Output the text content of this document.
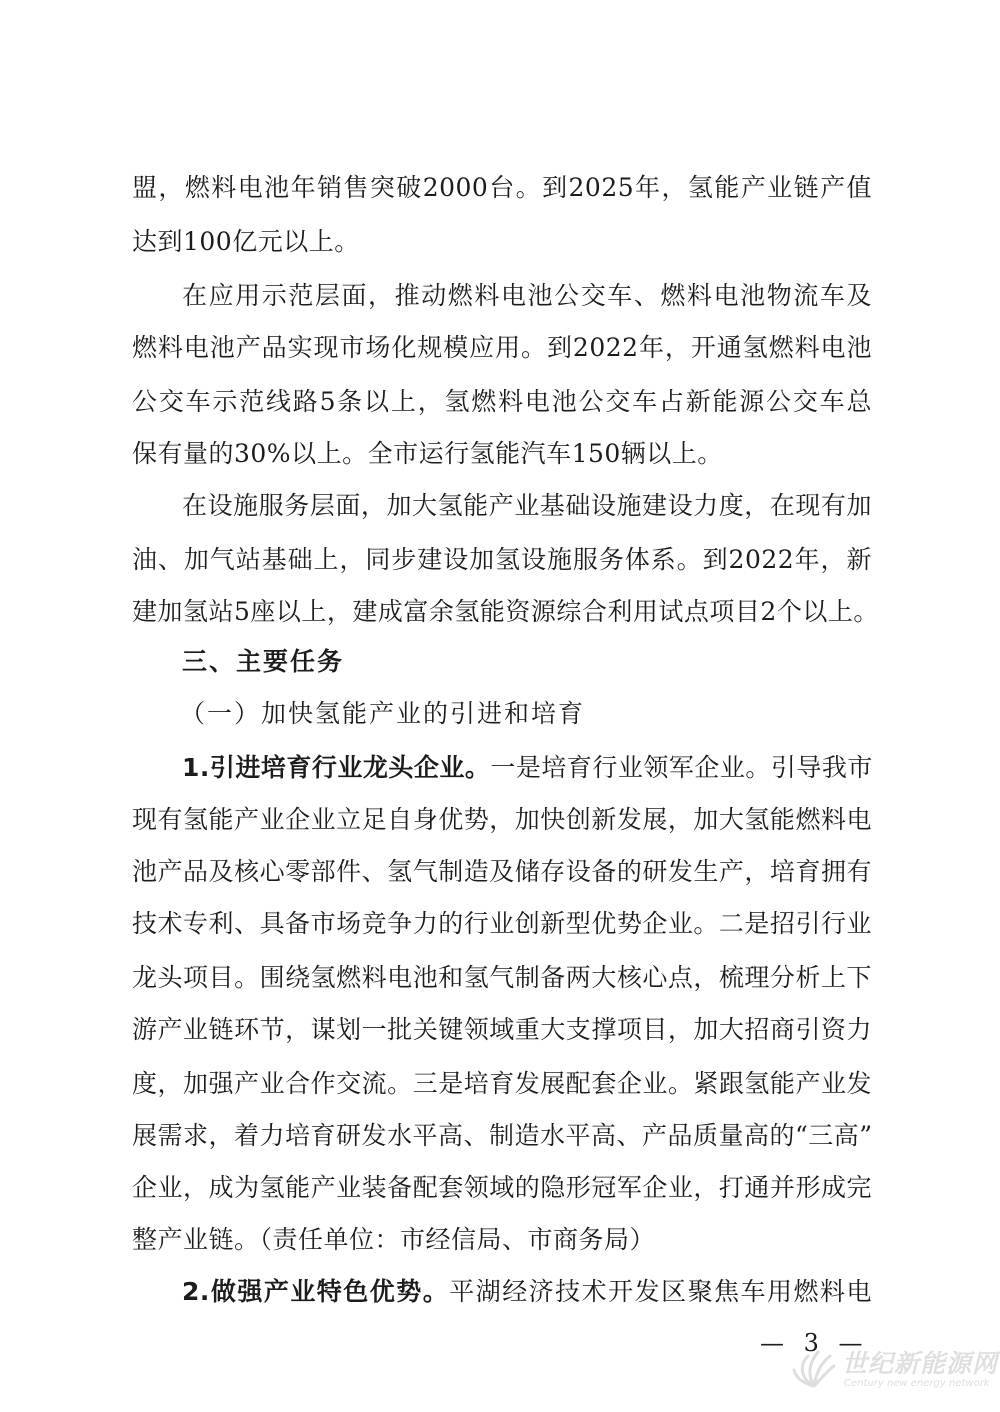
盟，燃料电池年销售突破2000台。到2025年，氢能产业链产值
达到100亿元以上。
在应用示范层面，推动燃料电池公交车、燃料电池物流车及
燃料电池产品实现市场化规模应用。到2022年，开通氢燃料电池
公交车示范线路5条以上，氢燃料电池公交车占新能源公交车总
保有量的30%以上。全市运行氢能汽车150辆以上。
在设施服务层面，加大氢能产业基础设施建设力度，在现有加
油、加气站基础上，同步建设加氢设施服务体系。到2022年，新
建加氢站5座以上，建成富余氢能资源综合利用试点项目2个以上。
三、主要任务
（一）加快氢能产业的引进和培育
1.引进培育行业龙头企业。一是培育行业领军企业。引导我市
现有氢能产业企业立足自身优势，加快创新发展，加大氢能燃料电
池产品及核心零部件、氢气制造及储存设备的研发生产，培育拥有
技术专利、具备市场竞争力的行业创新型优势企业。二是招引行业
龙头项目。围绕氢燃料电池和氢气制备两大核心点，梳理分析上下
游产业链环节，谋划一批关键领域重大支撑项目，加大招商引资力
度，加强产业合作交流。三是培育发展配套企业。紧跟氢能产业发
展需求，着力培育研发水平高、制造水平高、产品质量高的“三高”
企业，成为氢能产业装备配套领域的隐形冠军企业，打通并形成完
整产业链。（责任单位：市经信局、市商务局）
2.做强产业特色优势。平湖经济技术开发区聚焦车用燃料电
— 3 —
世纪新能源网
Century new energy network
